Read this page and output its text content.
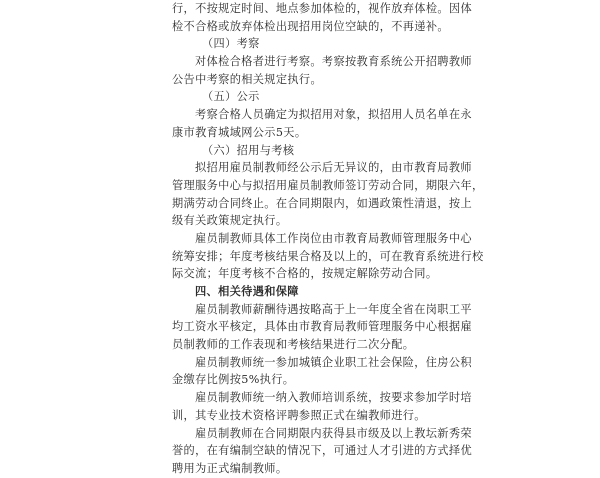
行，不按规定时间、地点参加体检的，视作放弃体检。因体
检不合格或放弃体检出现招用岗位空缺的，不再递补。
（四）考察
对体检合格者进行考察。考察按教育系统公开招聘教师
公告中考察的相关规定执行。
（五）公示
考察合格人员确定为拟招用对象，拟招用人员名单在永
康市教育城域网公示5天。
（六）招用与考核
拟招用雇员制教师经公示后无异议的，由市教育局教师
管理服务中心与拟招用雇员制教师签订劳动合同，期限六年，
期满劳动合同终止。在合同期限内，如遇政策性清退，按上
级有关政策规定执行。
雇员制教师具体工作岗位由市教育局教师管理服务中心
统筹安排；年度考核结果合格及以上的，可在教育系统进行校
际交流；年度考核不合格的，按规定解除劳动合同。
四、相关待遇和保障
雇员制教师薪酬待遇按略高于上一年度全省在岗职工平
均工资水平核定，具体由市教育局教师管理服务中心根据雇
员制教师的工作表现和考核结果进行二次分配。
雇员制教师统一参加城镇企业职工社会保险，住房公积
金缴存比例按5%执行。
雇员制教师统一纳入教师培训系统，按要求参加学时培
训，其专业技术资格评聘参照正式在编教师进行。
雇员制教师在合同期限内获得县市级及以上教坛新秀荣
誉的，在有编制空缺的情况下，可通过人才引进的方式择优
聘用为正式编制教师。
